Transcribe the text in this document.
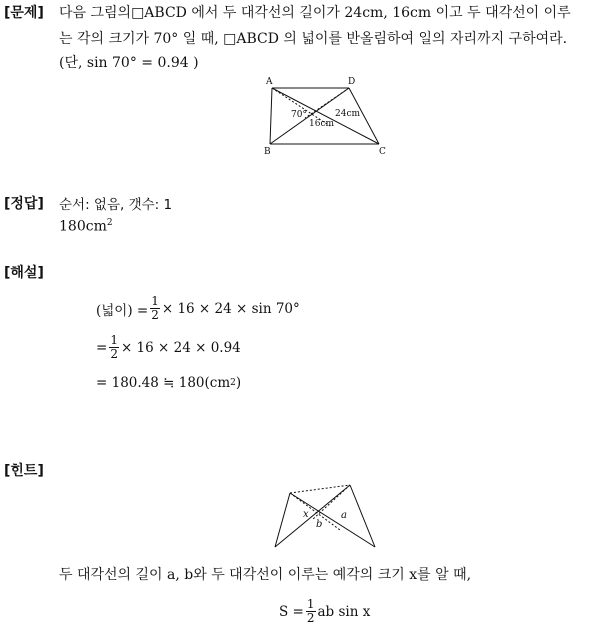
[문제] 다음 그림의□ABCD 에서 두 대각선의 길이가 24cm, 16cm 이고 두 대각선이 이루
는 각의 크기가 70° 일 때, □ABCD 의 넓이를 반올림하여 일의 자리까지 구하여라.
(단, sin 70° = 0.94 )
A	D
B	C
70°	24cm
16cm
[정답] 순서: 없음, 갯수: 1
$180cm^2$
[해설]
(넓이) = $\frac{1}{2} \times 16 \times 24 \times \sin 70^\circ$
= $\frac{1}{2} \times 16 \times 24 \times 0.94$
= 180.48 ≒ 180(cm 2 )
[힌트]
x	a
b
두 대각선의 길이 a, b와 두 대각선이 이루는 예각의 크기 x를 알 때,
$S = \frac{1}{2}$ ab sin x
